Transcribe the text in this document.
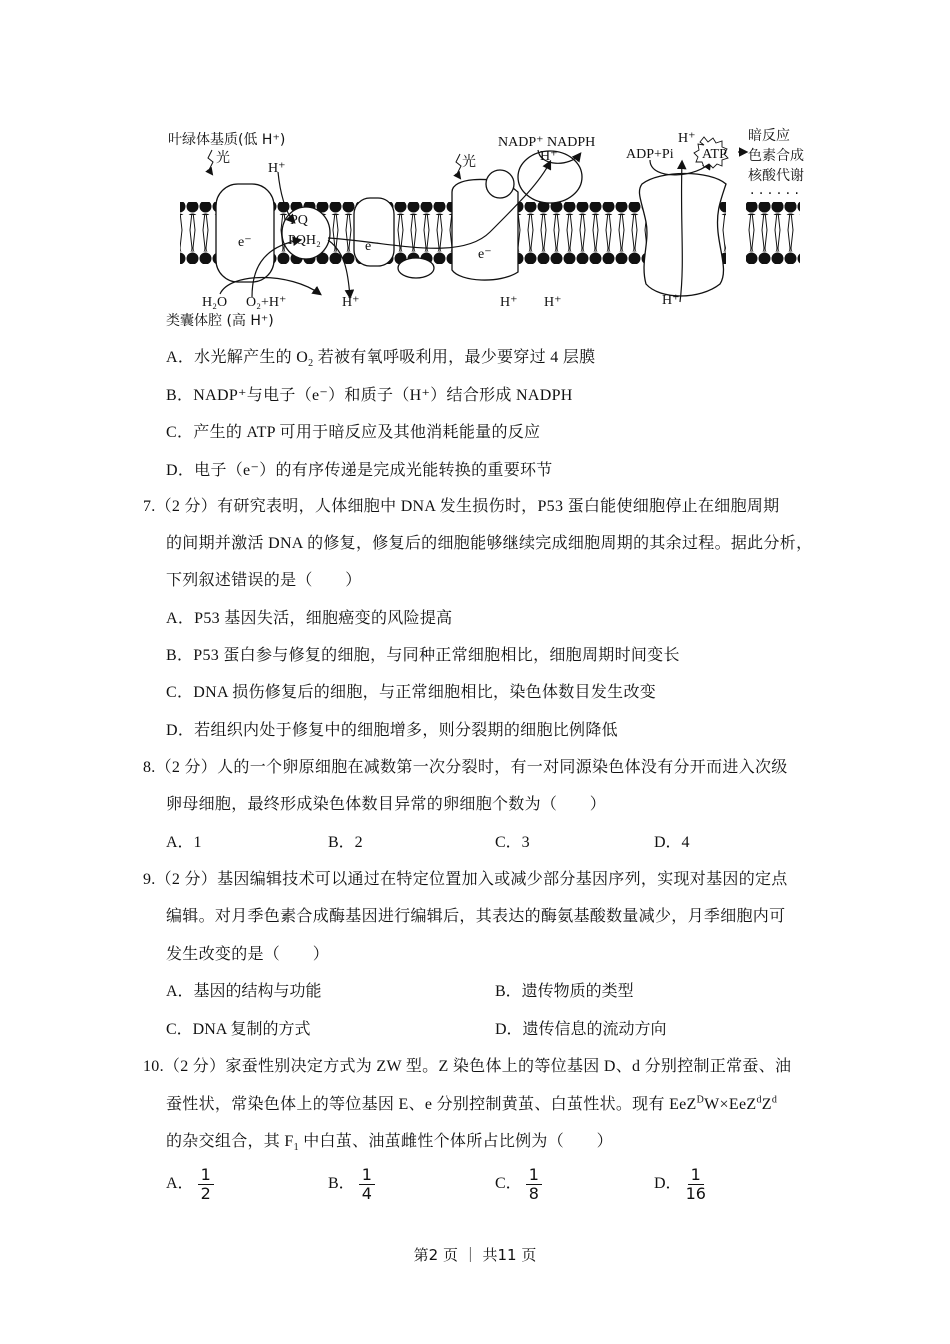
叶绿体基质(低 H⁺)
类囊体腔 (高 H⁺)
光	光
H⁺
PQ
PQH₂
e⁻	e⁻
e⁻
H₂O O₂+H⁺	H⁺	H⁺ H⁺	H⁺
NADP⁺ NADPH
H⁺
H⁺
ADP+Pi ATP
暗反应
色素合成
核酸代谢
· · · · · ·
A．水光解产生的 $O_2$ 若被有氧呼吸利用，最少要穿过 4 层膜
B．NADP⁺与电子（e⁻）和质子（H⁺）结合形成 NADPH
C．产生的 ATP 可用于暗反应及其他消耗能量的反应
D．电子（e⁻）的有序传递是完成光能转换的重要环节
7.（2 分）有研究表明，人体细胞中 DNA 发生损伤时，P53 蛋白能使细胞停止在细胞周期
的间期并激活 DNA 的修复，修复后的细胞能够继续完成细胞周期的其余过程。据此分析，
下列叙述错误的是（　　）
A．P53 基因失活，细胞癌变的风险提高
B．P53 蛋白参与修复的细胞，与同种正常细胞相比，细胞周期时间变长
C．DNA 损伤修复后的细胞，与正常细胞相比，染色体数目发生改变
D．若组织内处于修复中的细胞增多，则分裂期的细胞比例降低
8.（2 分）人的一个卵原细胞在减数第一次分裂时，有一对同源染色体没有分开而进入次级
卵母细胞，最终形成染色体数目异常的卵细胞个数为（　　）
A．1	B．2	C．3	D．4
9.（2 分）基因编辑技术可以通过在特定位置加入或减少部分基因序列，实现对基因的定点
编辑。对月季色素合成酶基因进行编辑后，其表达的酶氨基酸数量减少，月季细胞内可
发生改变的是（　　）
A．基因的结构与功能	B．遗传物质的类型
C．DNA 复制的方式	D．遗传信息的流动方向
10.（2 分）家蚕性别决定方式为 ZW 型。Z 染色体上的等位基因 D、d 分别控制正常蚕、油
蚕性状，常染色体上的等位基因 E、e 分别控制黄茧、白茧性状。现有 $EeZ^DW\times EeZ^dZ^d$
的杂交组合，其 $F_1$ 中白茧、油茧雌性个体所占比例为（　　）
A． $\frac{1}{2}$	B． $\frac{1}{4}$	C． $\frac{1}{8}$	D． $\frac{1}{16}$
第2 页 ｜ 共11 页
